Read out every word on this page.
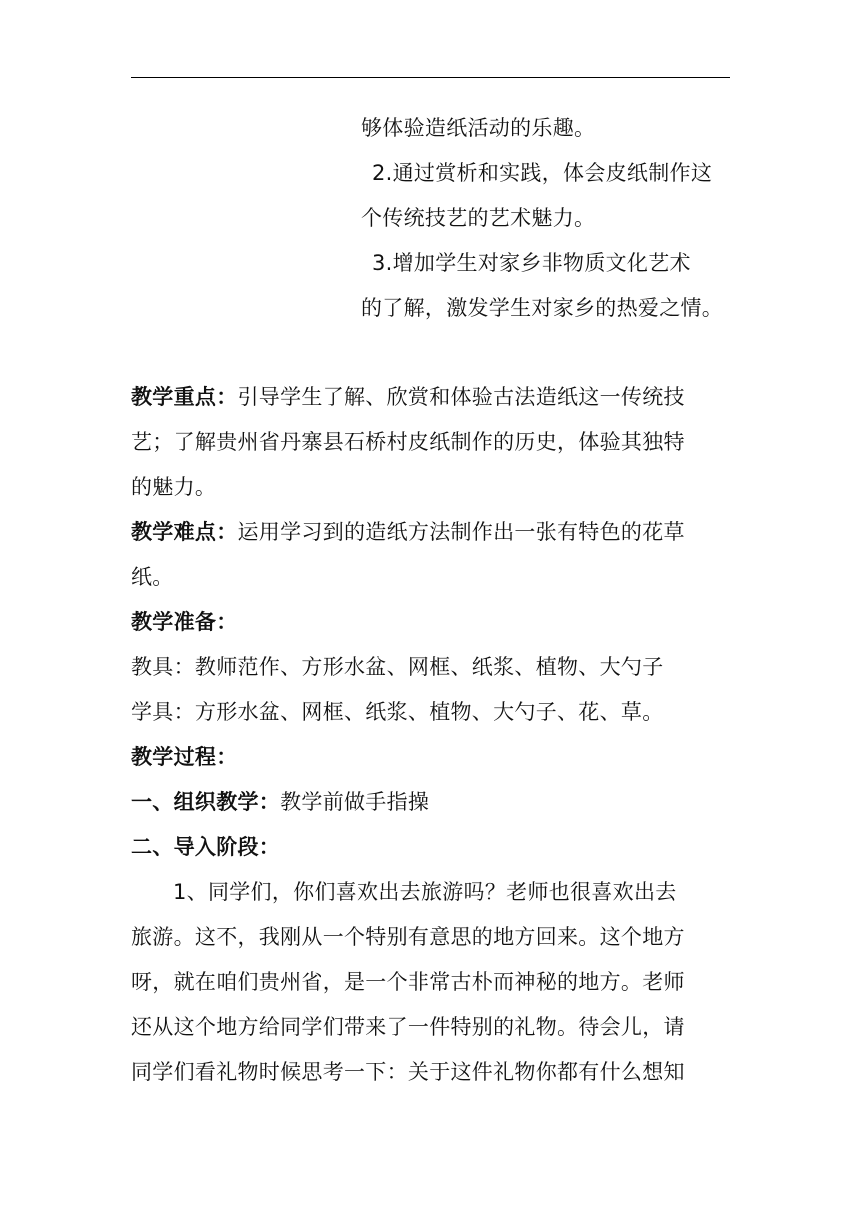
够体验造纸活动的乐趣。
2.通过赏析和实践，体会皮纸制作这
个传统技艺的艺术魅力。
3.增加学生对家乡非物质文化艺术
的了解，激发学生对家乡的热爱之情。
教学重点：引导学生了解、欣赏和体验古法造纸这一传统技
艺；了解贵州省丹寨县石桥村皮纸制作的历史，体验其独特
的魅力。
教学难点：运用学习到的造纸方法制作出一张有特色的花草
纸。
教学准备：
教具：教师范作、方形水盆、网框、纸浆、植物、大勺子
学具：方形水盆、网框、纸浆、植物、大勺子、花、草。
教学过程：
一、组织教学：教学前做手指操
二、导入阶段：
1、同学们，你们喜欢出去旅游吗？老师也很喜欢出去
旅游。这不，我刚从一个特别有意思的地方回来。这个地方
呀，就在咱们贵州省，是一个非常古朴而神秘的地方。老师
还从这个地方给同学们带来了一件特别的礼物。待会儿，请
同学们看礼物时候思考一下：关于这件礼物你都有什么想知
